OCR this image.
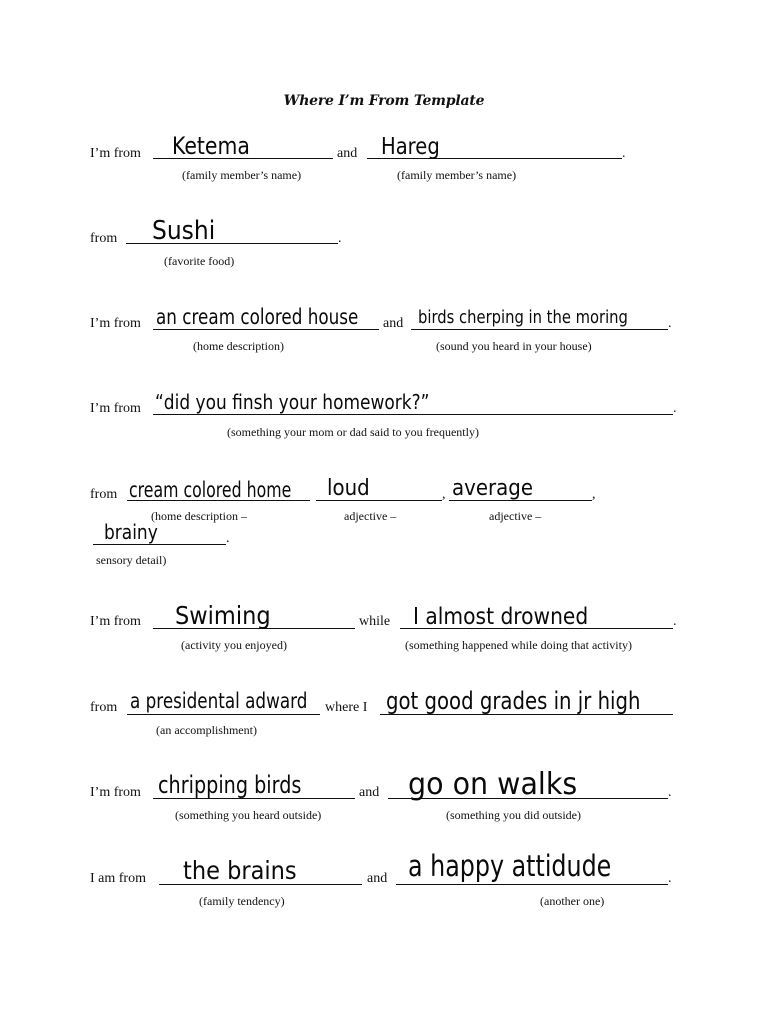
Where I’m From Template
I’m from Ketema	and Hareg	.
(family member’s name)	(family member’s name)
from Sushi	.
(favorite food)
I’m from an cream colored house and birds cherping in the moring	.
(home description)	(sound you heard in your house)
I’m from “did you finsh your homework?”	.
(something your mom or dad said to you frequently)
from cream colored home loud	, average	,
(home description –	adjective –	adjective –
brainy	.
sensory detail)
I’m from Swiming	while I almost drowned	.
(activity you enjoyed)	(something happened while doing that activity)
from a presidental adward where I got good grades in jr high
(an accomplishment)
I’m from chripping birds	and go on walks	.
(something you heard outside)	(something you did outside)
I am from the brains	and a happy attidude	.
(family tendency)	(another one)
